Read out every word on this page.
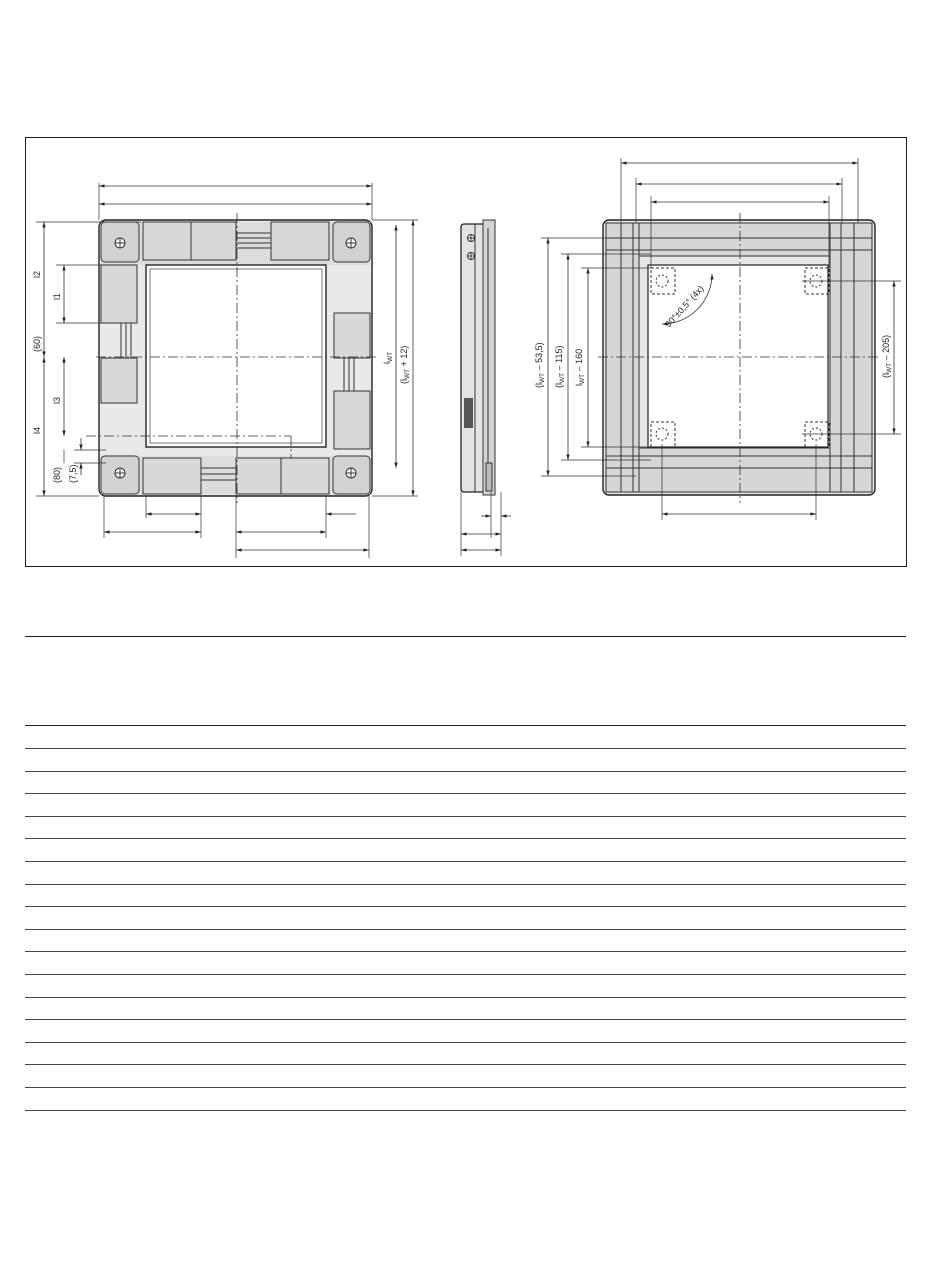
l2
l1
(60)
l3
l4
(80) (7,5)
$l_{WT}$
$(l_{WT} + 12)$
90°±0,5° (4x)
$(l_{WT} - 53,5)$
$(l_{WT} - 115)$
$l_{WT} - 160$
$(l_{WT} - 205)$
